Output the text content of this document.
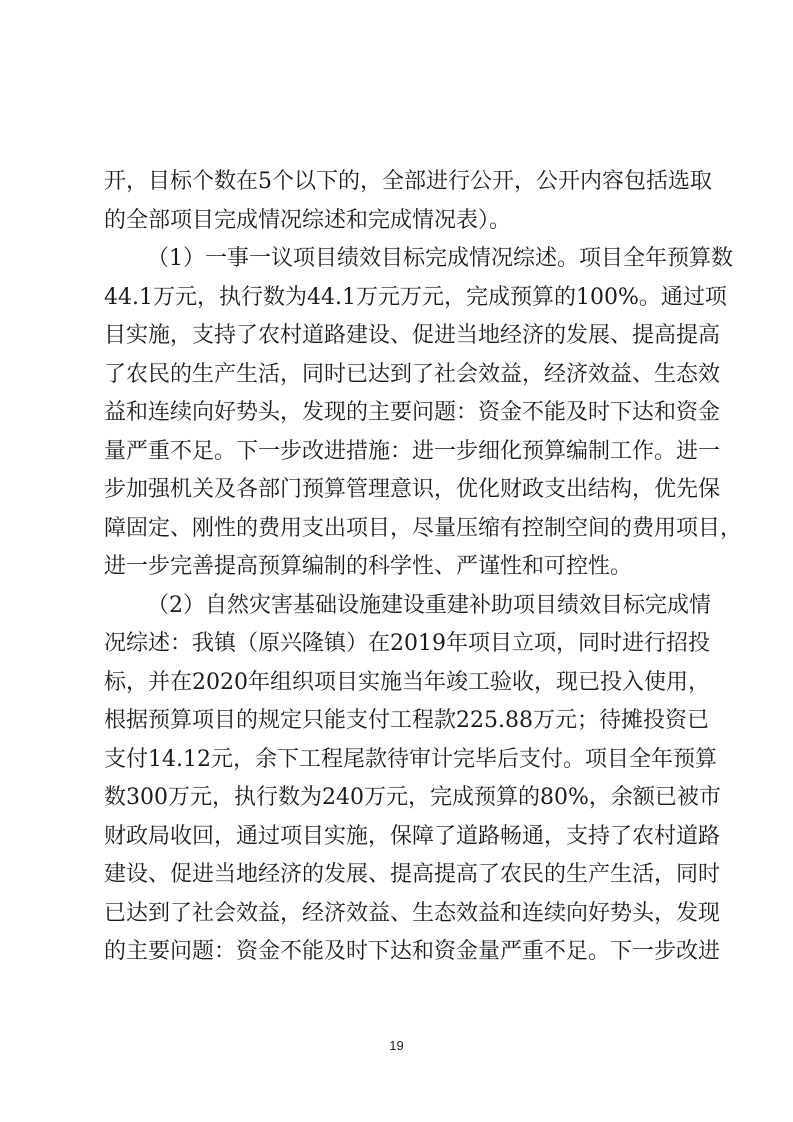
开，目标个数在5个以下的，全部进行公开，公开内容包括选取
的全部项目完成情况综述和完成情况表）。
（1）一事一议项目绩效目标完成情况综述。项目全年预算数
44.1万元，执行数为44.1万元万元，完成预算的100%。通过项
目实施，支持了农村道路建设、促进当地经济的发展、提高提高
了农民的生产生活，同时已达到了社会效益，经济效益、生态效
益和连续向好势头，发现的主要问题：资金不能及时下达和资金
量严重不足。下一步改进措施：进一步细化预算编制工作。进一
步加强机关及各部门预算管理意识，优化财政支出结构，优先保
障固定、刚性的费用支出项目，尽量压缩有控制空间的费用项目，
进一步完善提高预算编制的科学性、严谨性和可控性。
（2）自然灾害基础设施建设重建补助项目绩效目标完成情
况综述：我镇（原兴隆镇）在2019年项目立项，同时进行招投
标，并在2020年组织项目实施当年竣工验收，现已投入使用，
根据预算项目的规定只能支付工程款225.88万元；待摊投资已
支付14.12元，余下工程尾款待审计完毕后支付。项目全年预算
数300万元，执行数为240万元，完成预算的80%，余额已被市
财政局收回，通过项目实施，保障了道路畅通，支持了农村道路
建设、促进当地经济的发展、提高提高了农民的生产生活，同时
已达到了社会效益，经济效益、生态效益和连续向好势头，发现
的主要问题：资金不能及时下达和资金量严重不足。下一步改进
19
